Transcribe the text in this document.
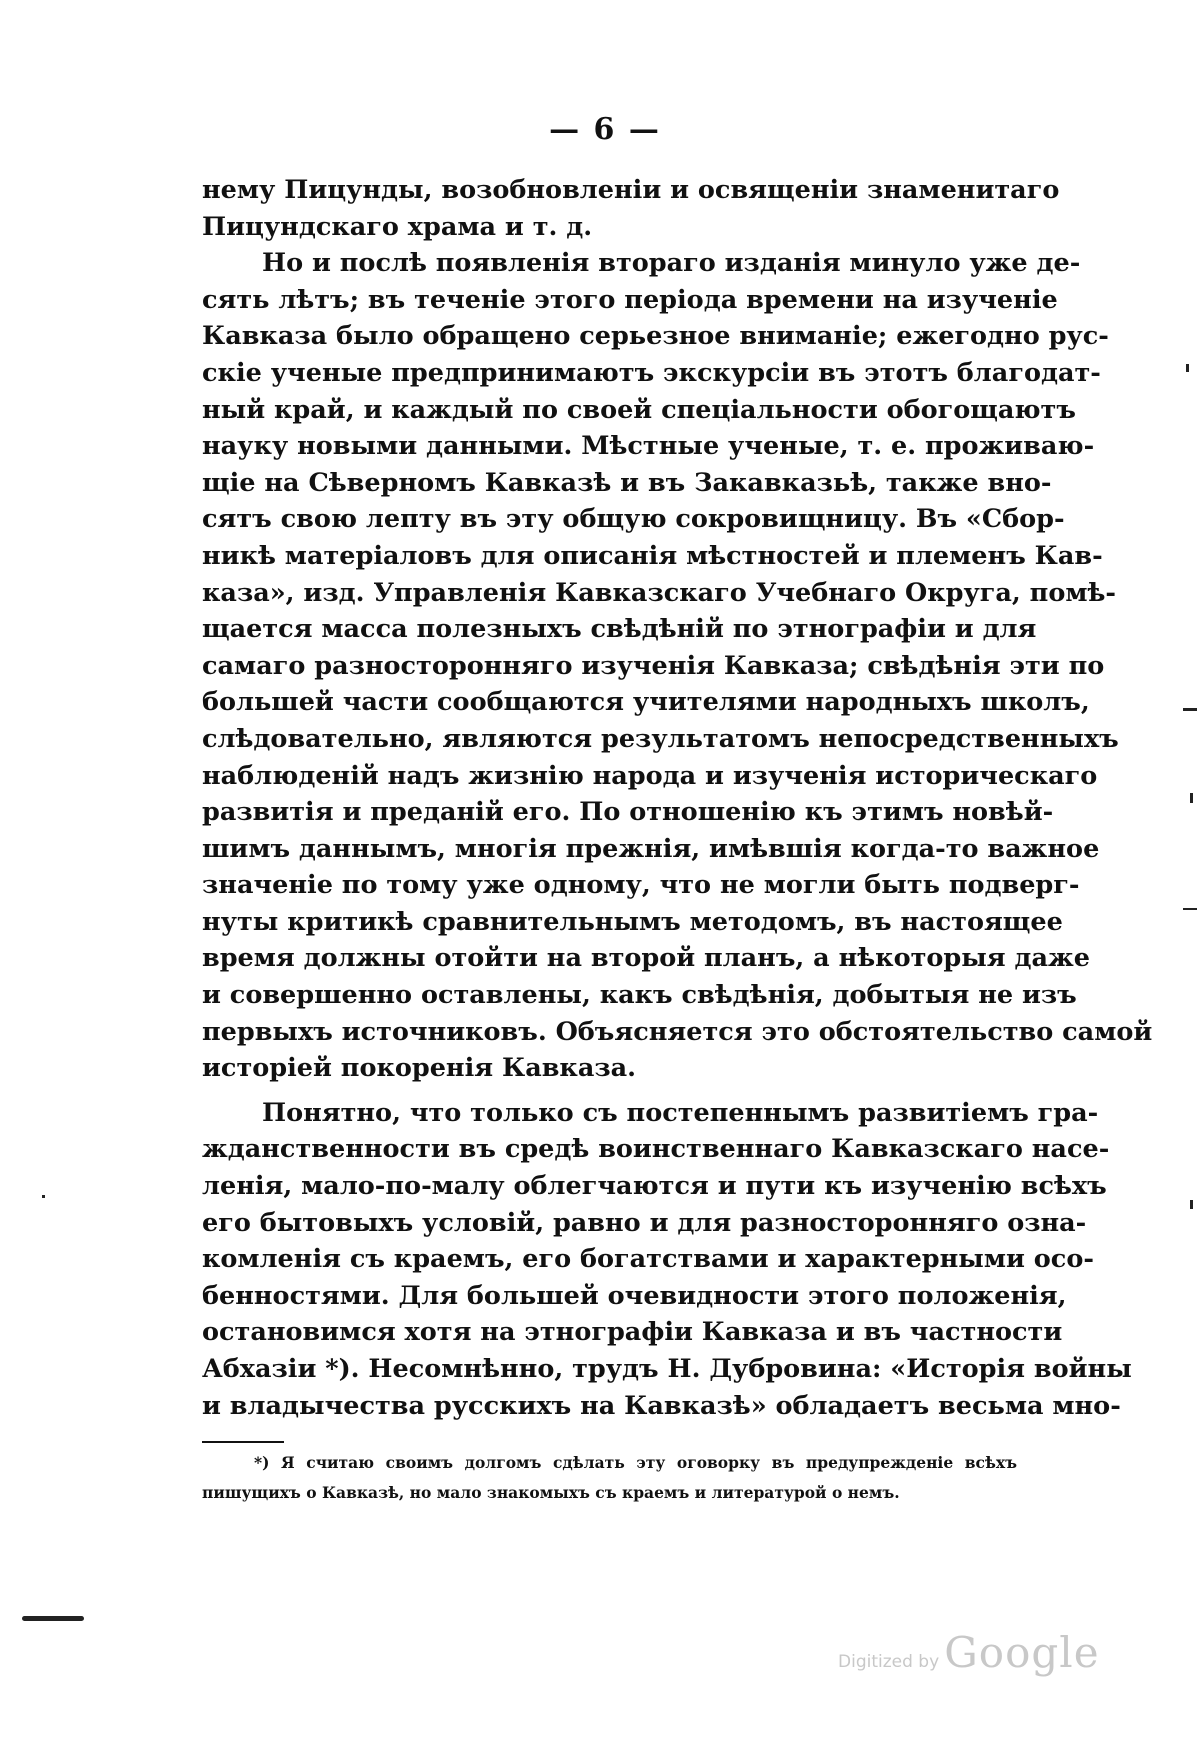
— 6 —
нему Пицунды, возобновленіи и освященіи знаменитаго
Пицундскаго храма и т. д.
Но и послѣ появленія втораго изданія минуло уже де-
сять лѣтъ; въ теченіе этого періода времени на изученіе
Кавказа было обращено серьезное вниманіе; ежегодно рус-
скіе ученые предпринимаютъ экскурсіи въ этотъ благодат-
ный край, и каждый по своей спеціальности обогощаютъ
науку новыми данными. Мѣстные ученые, т. е. проживаю-
щіе на Сѣверномъ Кавказѣ и въ Закавказьѣ, также вно-
сятъ свою лепту въ эту общую сокровищницу. Въ «Сбор-
никѣ матеріаловъ для описанія мѣстностей и племенъ Кав-
каза», изд. Управленія Кавказскаго Учебнаго Округа, помѣ-
щается масса полезныхъ свѣдѣній по этнографіи и для
самаго разносторонняго изученія Кавказа; свѣдѣнія эти по
большей части сообщаются учителями народныхъ школъ,
слѣдовательно, являются результатомъ непосредственныхъ
наблюденій надъ жизнію народа и изученія историческаго
развитія и преданій его. По отношенію къ этимъ новѣй-
шимъ даннымъ, многія прежнія, имѣвшія когда-то важное
значеніе по тому уже одному, что не могли быть подверг-
нуты критикѣ сравнительнымъ методомъ, въ настоящее
время должны отойти на второй планъ, а нѣкоторыя даже
и совершенно оставлены, какъ свѣдѣнія, добытыя не изъ
первыхъ источниковъ. Объясняется это обстоятельство самой
исторіей покоренія Кавказа.
Понятно, что только съ постепеннымъ развитіемъ гра-
жданственности въ средѣ воинственнаго Кавказскаго насе-
ленія, мало-по-малу облегчаются и пути къ изученію всѣхъ
его бытовыхъ условій, равно и для разносторонняго озна-
комленія съ краемъ, его богатствами и характерными осо-
бенностями. Для большей очевидности этого положенія,
остановимся хотя на этнографіи Кавказа и въ частности
Абхазіи *). Несомнѣнно, трудъ Н. Дубровина: «Исторія войны
и владычества русскихъ на Кавказѣ» обладаетъ весьма мно-
*) Я считаю своимъ долгомъ сдѣлать эту оговорку въ предупрежденіе всѣхъ
пишущихъ о Кавказѣ, но мало знакомыхъ съ краемъ и литературой о немъ.
Digitized by Google
